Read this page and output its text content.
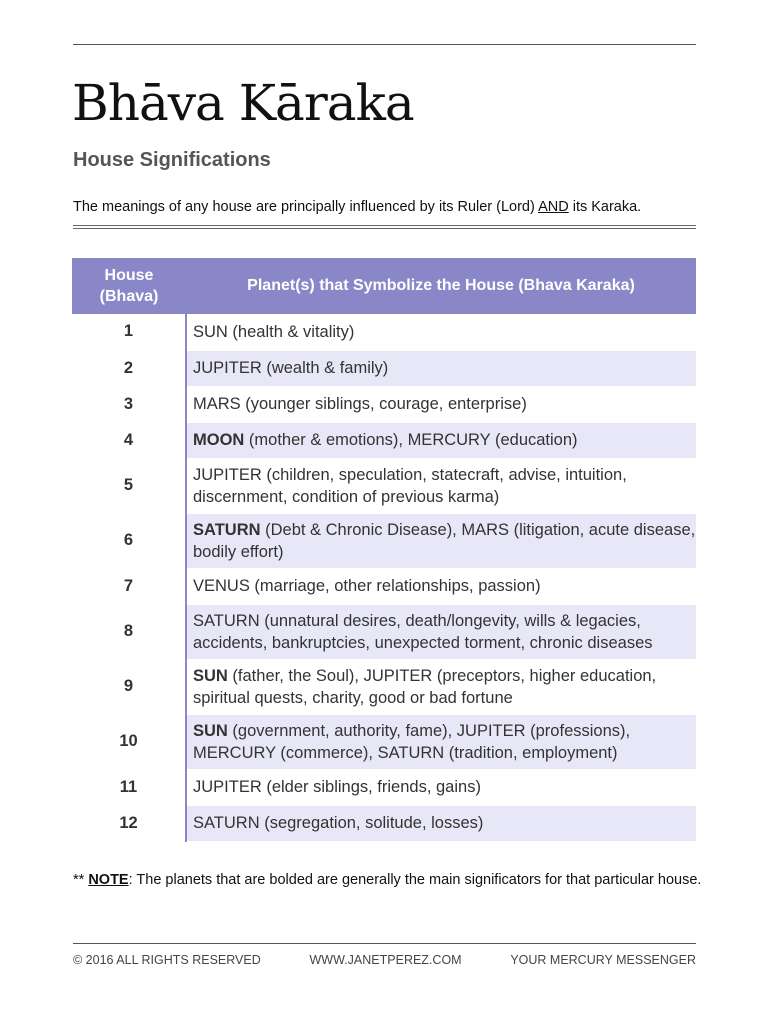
Bhāva Kāraka
House Significations
The meanings of any house are principally influenced by its Ruler (Lord) AND its Karaka.
House
(Bhava)	Planet(s) that Symbolize the House (Bhava Karaka)
1	SUN (health & vitality)
2	JUPITER (wealth & family)
3	MARS (younger siblings, courage, enterprise)
4	MOON (mother & emotions), MERCURY (education)
5	JUPITER (children, speculation, statecraft, advise, intuition, discernment, condition of previous karma)
6	SATURN (Debt & Chronic Disease), MARS (litigation, acute disease, bodily effort)
7	VENUS (marriage, other relationships, passion)
8	SATURN (unnatural desires, death/longevity, wills & legacies, accidents, bankruptcies, unexpected torment, chronic diseases
9	SUN (father, the Soul), JUPITER (preceptors, higher education, spiritual quests, charity, good or bad fortune
10	SUN (government, authority, fame), JUPITER (professions), MERCURY (commerce), SATURN (tradition, employment)
11	JUPITER (elder siblings, friends, gains)
12	SATURN (segregation, solitude, losses)
** NOTE: The planets that are bolded are generally the main significators for that particular house.
© 2016 ALL RIGHTS RESERVED	WWW.JANETPEREZ.COM	YOUR MERCURY MESSENGER
